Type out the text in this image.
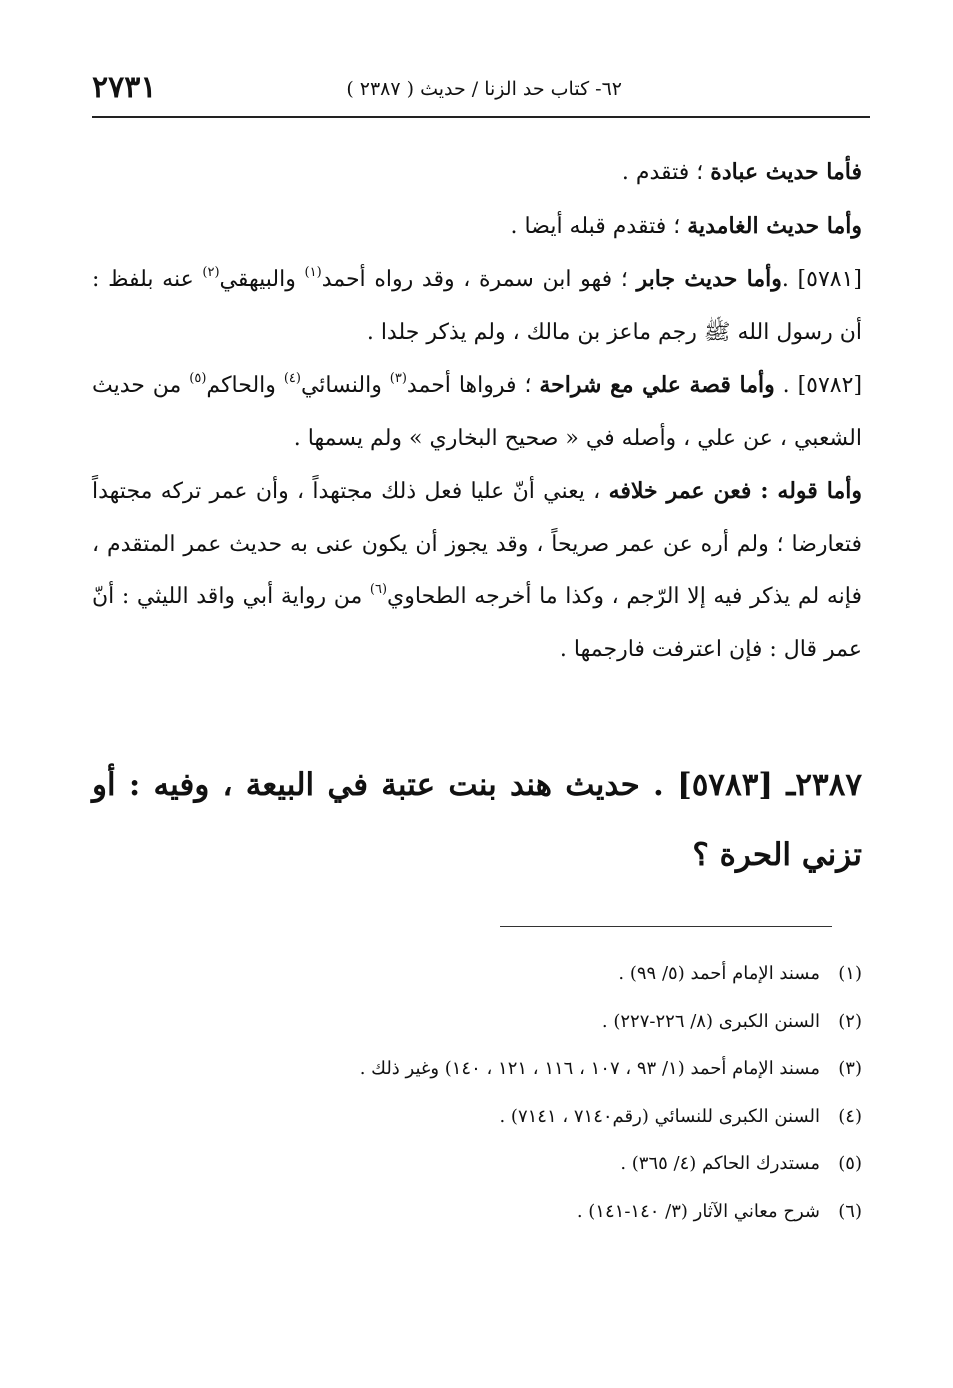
٦٢- كتاب حد الزنا / حديث ( ٢٣٨٧ )
٢٧٣١

فأما حديث عبادة ؛ فتقدم .

وأما حديث الغامدية ؛ فتقدم قبله أيضا .

[٥٧٨١] .وأما حديث جابر ؛ فهو ابن سمرة ، وقد رواه أحمد$^{(١)}$ والبيهقي$^{(٢)}$ عنه بلفظ : أن رسول الله ﷺ رجم ماعز بن مالك ، ولم يذكر جلدا .

[٥٧٨٢] . وأما قصة علي مع شراحة ؛ فرواها أحمد$^{(٣)}$ والنسائي$^{(٤)}$ والحاكم$^{(٥)}$ من حديث الشعبي ، عن علي ، وأصله في « صحيح البخاري » ولم يسمها .

وأما قوله : فعن عمر خلافه ، يعني أنّ عليا فعل ذلك مجتهداً ، وأن عمر تركه مجتهداً فتعارضا ؛ ولم أره عن عمر صريحاً ، وقد يجوز أن يكون عنى به حديث عمر المتقدم ، فإنه لم يذكر فيه إلا الرّجم ، وكذا ما أخرجه الطحاوي$^{(٦)}$ من رواية أبي واقد الليثي : أنّ عمر قال : فإن اعترفت فارجمها .

٢٣٨٧ـ [٥٧٨٣] . حديث هند بنت عتبة في البيعة ، وفيه : أو تزني الحرة ؟

(١)
مسند الإمام أحمد (٥/ ٩٩) .

(٢)
السنن الكبرى (٨/ ٢٢٦-٢٢٧) .

(٣)
مسند الإمام أحمد (١/ ٩٣ ، ١٠٧ ، ١١٦ ، ١٢١ ، ١٤٠) وغير ذلك .

(٤)
السنن الكبرى للنسائي (رقم٧١٤٠ ، ٧١٤١) .

(٥)
مستدرك الحاكم (٤/ ٣٦٥) .

(٦)
شرح معاني الآثار (٣/ ١٤٠-١٤١) .
